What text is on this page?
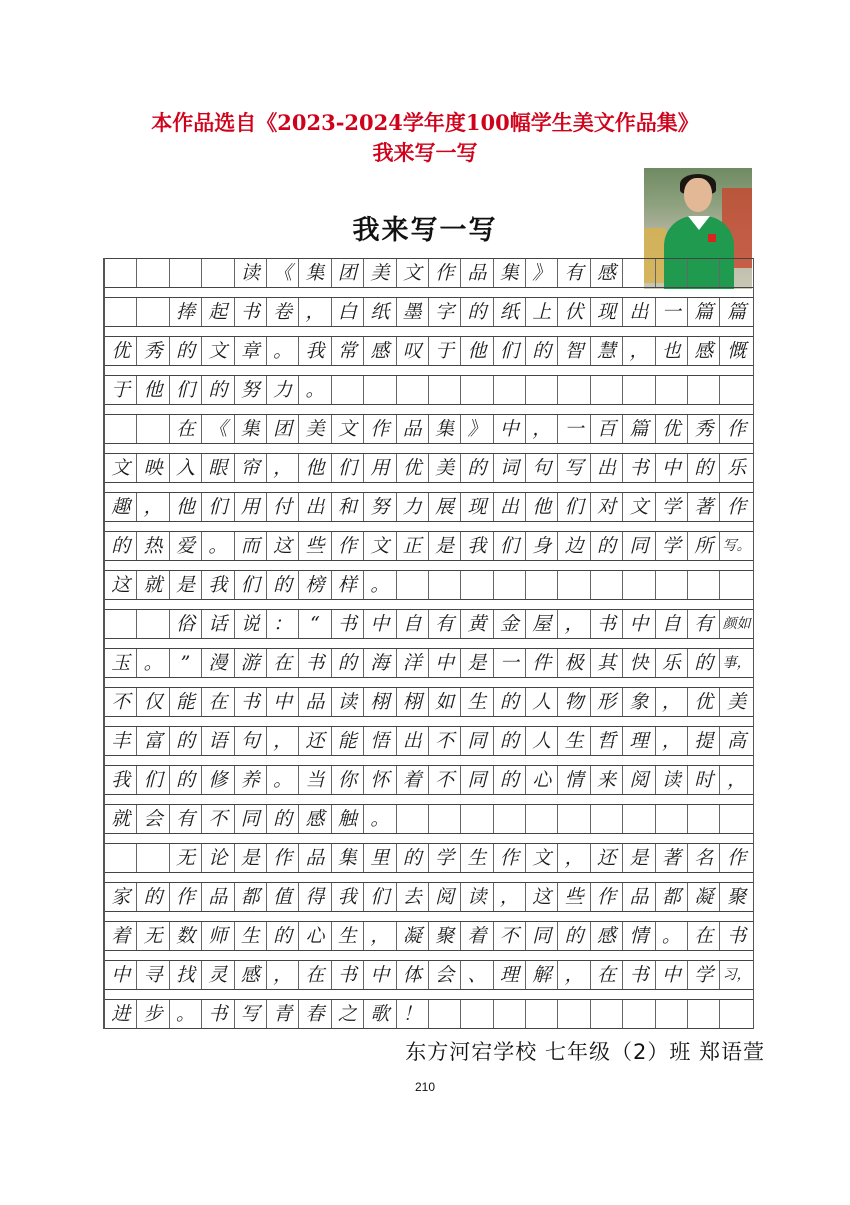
本作品选自《2023-2024学年度100幅学生美文作品集》
我来写一写
我来写一写
读 《 集 团 美 文 作 品 集 》 有 感
捧 起 书 卷 ， 白 纸 墨 字 的 纸 上 伏 现 出 一 篇 篇
优 秀 的 文 章 。 我 常 感 叹 于 他 们 的 智 慧 ， 也 感 慨
于 他 们 的 努 力 。
在 《 集 团 美 文 作 品 集 》 中 ， 一 百 篇 优 秀 作
文 映 入 眼 帘 ， 他 们 用 优 美 的 词 句 写 出 书 中 的 乐
趣 ， 他 们 用 付 出 和 努 力 展 现 出 他 们 对 文 学 著 作
的 热 爱 。 而 这 些 作 文 正 是 我 们 身 边 的 同 学 所 写。
这 就 是 我 们 的 榜 样 。
俗 话 说 ： “ 书 中 自 有 黄 金 屋 ， 书 中 自 有 颜如
玉 。 ” 漫 游 在 书 的 海 洋 中 是 一 件 极 其 快 乐 的 事，
不 仅 能 在 书 中 品 读 栩 栩 如 生 的 人 物 形 象 ， 优 美
丰 富 的 语 句 ， 还 能 悟 出 不 同 的 人 生 哲 理 ， 提 高
我 们 的 修 养 。 当 你 怀 着 不 同 的 心 情 来 阅 读 时 ，
就 会 有 不 同 的 感 触 。
无 论 是 作 品 集 里 的 学 生 作 文 ， 还 是 著 名 作
家 的 作 品 都 值 得 我 们 去 阅 读 ， 这 些 作 品 都 凝 聚
着 无 数 师 生 的 心 生 ， 凝 聚 着 不 同 的 感 情 。 在 书
中 寻 找 灵 感 ， 在 书 中 体 会 、 理 解 ， 在 书 中 学 习，
进 步 。 书 写 青 春 之 歌 ！
东方河宕学校 七年级（2）班 郑语萱
210
